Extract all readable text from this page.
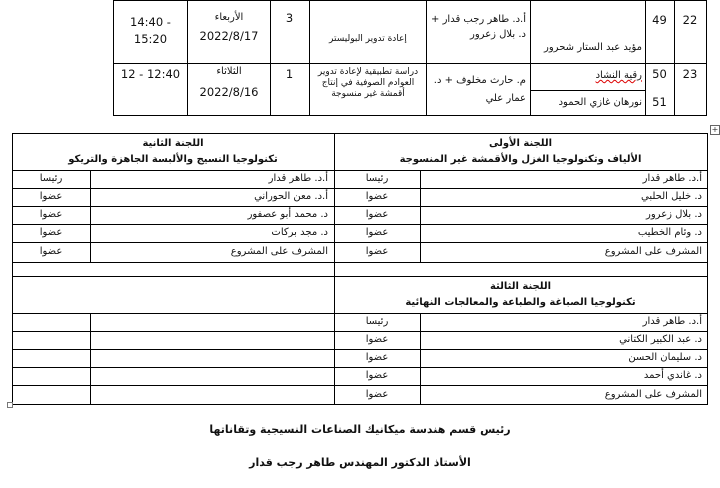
22
49
مؤيد عبد الستار شحرور
أ.د. طاهر رجب قدار + د. بلال زعرور
إعادة تدوير البوليستر
3
الأربعاء
2022/8/17
14:40 - 15:20
23
50
رقية النشاد
51
نورهان غازي الحمود
م. حارث مخلوف + د. عمار علي
دراسة تطبيقية لإعادة تدوير العوادم الصوفية في إنتاج أقمشة غير منسوجة
1
الثلاثاء
2022/8/16
12 - 12:40
+
اللجنة الأولى
الألياف وتكنولوجيا الغزل والأقمشة غير المنسوجة
اللجنة الثانية
تكنولوجيا النسيج والألبسة الجاهزة والتريكو
أ.د. طاهر قدار
رئيسا
د. خليل الحلبي
عضوا
د. بلال زعرور
عضوا
د. وئام الخطيب
عضوا
المشرف على المشروع
عضوا
أ.د. طاهر قدار
رئيسا
أ.د. معن الحوراني
عضوا
د. محمد أبو عصفور
عضوا
د. مجد بركات
عضوا
المشرف على المشروع
عضوا
اللجنة الثالثة
تكنولوجيا الصباغة والطباعة والمعالجات النهائية
أ.د. طاهر قدار
رئيسا
د. عبد الكبير الكتاني
عضوا
د. سليمان الحسن
عضوا
د. غاندي أحمد
عضوا
المشرف على المشروع
عضوا
رئيس قسم هندسة ميكانيك الصناعات النسيجية وتقاناتها
الأستاذ الدكتور المهندس طاهر رجب قدار
